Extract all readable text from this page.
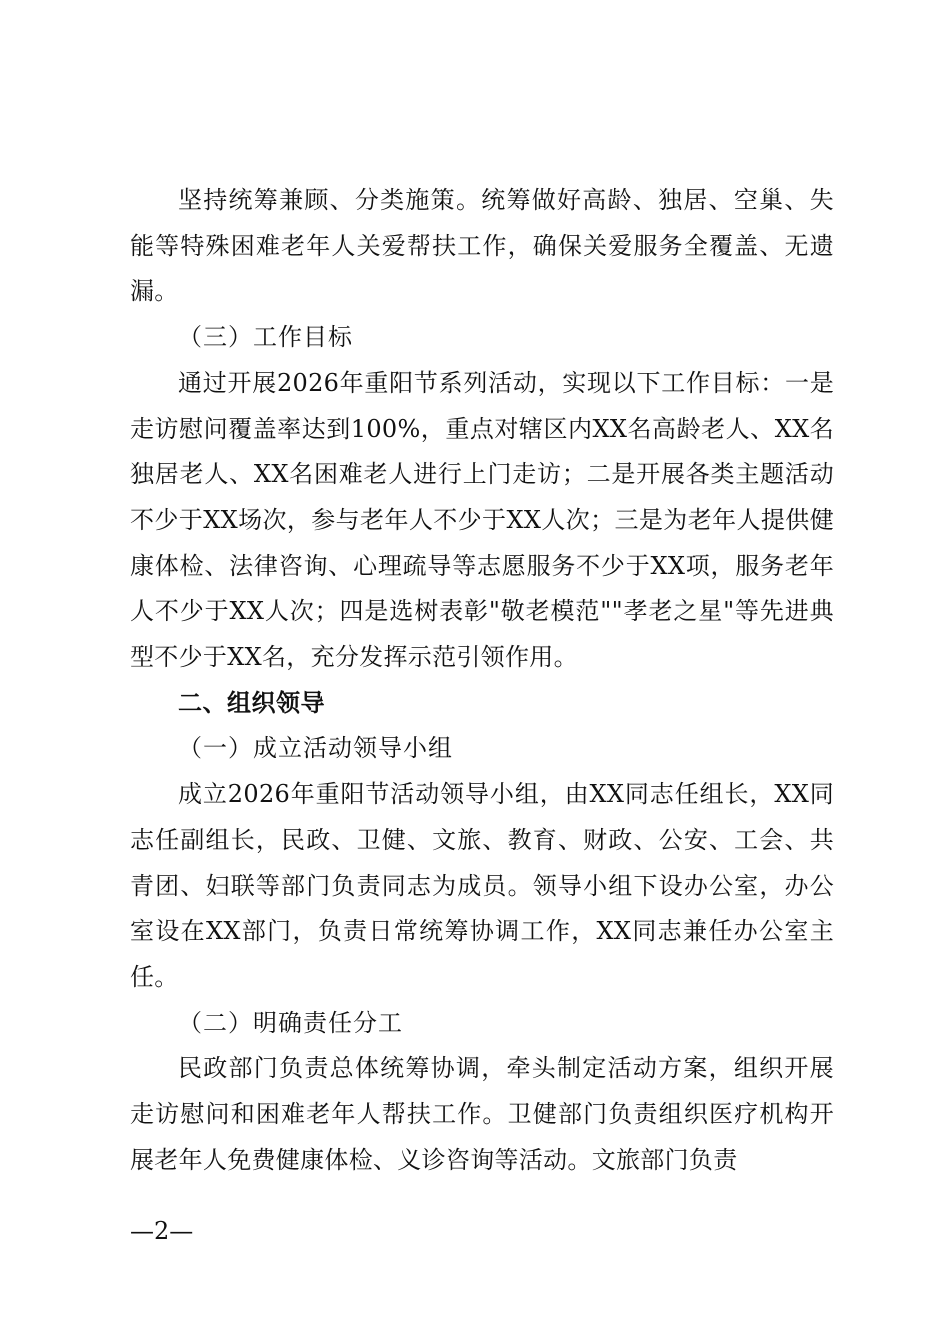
坚持统筹兼顾、分类施策。统筹做好高龄、独居、空巢、失能等特殊困难老年人关爱帮扶工作，确保关爱服务全覆盖、无遗漏。

（三）工作目标

通过开展2026年重阳节系列活动，实现以下工作目标：一是走访慰问覆盖率达到100%，重点对辖区内XX名高龄老人、XX名独居老人、XX名困难老人进行上门走访；二是开展各类主题活动不少于XX场次，参与老年人不少于XX人次；三是为老年人提供健康体检、法律咨询、心理疏导等志愿服务不少于XX项，服务老年人不少于XX人次；四是选树表彰"敬老模范""孝老之星"等先进典型不少于XX名，充分发挥示范引领作用。

二、组织领导

（一）成立活动领导小组

成立2026年重阳节活动领导小组，由XX同志任组长，XX同志任副组长，民政、卫健、文旅、教育、财政、公安、工会、共青团、妇联等部门负责同志为成员。领导小组下设办公室，办公室设在XX部门，负责日常统筹协调工作，XX同志兼任办公室主任。

（二）明确责任分工

民政部门负责总体统筹协调，牵头制定活动方案，组织开展走访慰问和困难老年人帮扶工作。卫健部门负责组织医疗机构开展老年人免费健康体检、义诊咨询等活动。文旅部门负责

—2—
